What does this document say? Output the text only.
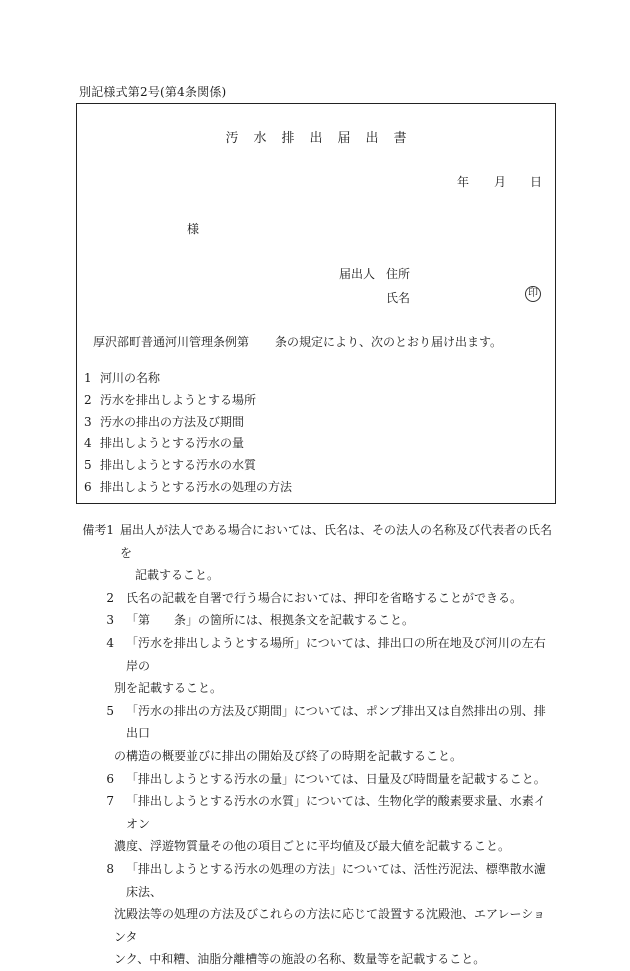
別記様式第2号(第4条関係)
汚水排出届出書
年 月 日
様
届出人 住所
氏名	印
厚沢部町普通河川管理条例第 条の規定により、次のとおり届け出ます。
1 河川の名称
2 汚水を排出しようとする場所
3 汚水の排出の方法及び期間
4 排出しようとする汚水の量
5 排出しようとする汚水の水質
6 排出しようとする汚水の処理の方法
備考1 届出人が法人である場合においては、氏名は、その法人の名称及び代表者の氏名を
記載すること。
2	氏名の記載を自署で行う場合においては、押印を省略することができる。
3	「第　　条」の箇所には、根拠条文を記載すること。
4 「汚水を排出しようとする場所」については、排出口の所在地及び河川の左右岸の
別を記載すること。
5 「汚水の排出の方法及び期間」については、ポンプ排出又は自然排出の別、排出口
の構造の概要並びに排出の開始及び終了の時期を記載すること。
6	「排出しようとする汚水の量」については、日量及び時間量を記載すること。
7 「排出しようとする汚水の水質」については、生物化学的酸素要求量、水素イオン
濃度、浮遊物質量その他の項目ごとに平均値及び最大値を記載すること。
8 「排出しようとする汚水の処理の方法」については、活性汚泥法、標準散水濾床法、
沈殿法等の処理の方法及びこれらの方法に応じて設置する沈殿池、エアレーションタ
ンク、中和糟、油脂分離槽等の施設の名称、数量等を記載すること。
